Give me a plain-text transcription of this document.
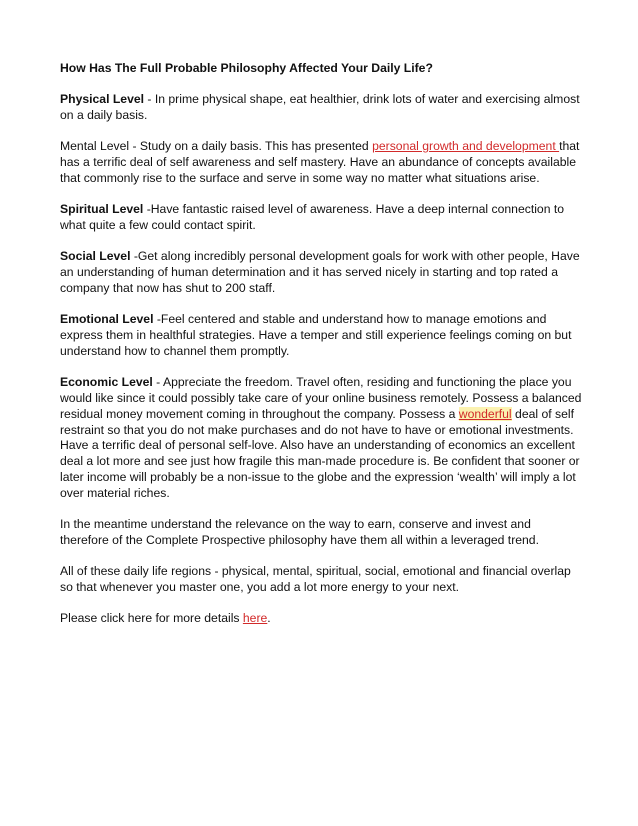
How Has The Full Probable Philosophy Affected Your Daily Life?

Physical Level - In prime physical shape, eat healthier, drink lots of water and exercising almost on a daily basis.

Mental Level - Study on a daily basis. This has presented personal growth and development that has a terrific deal of self awareness and self mastery. Have an abundance of concepts available that commonly rise to the surface and serve in some way no matter what situations arise.

Spiritual Level -Have fantastic raised level of awareness. Have a deep internal connection to what quite a few could contact spirit.

Social Level -Get along incredibly personal development goals for work with other people, Have an understanding of human determination and it has served nicely in starting and top rated a company that now has shut to 200 staff.

Emotional Level -Feel centered and stable and understand how to manage emotions and express them in healthful strategies. Have a temper and still experience feelings coming on but understand how to channel them promptly.

Economic Level - Appreciate the freedom. Travel often, residing and functioning the place you would like since it could possibly take care of your online business remotely. Possess a balanced residual money movement coming in throughout the company. Possess a wonderful deal of self restraint so that you do not make purchases and do not have to have or emotional investments. Have a terrific deal of personal self-love. Also have an understanding of economics an excellent deal a lot more and see just how fragile this man-made procedure is. Be confident that sooner or later income will probably be a non-issue to the globe and the expression ‘wealth’ will imply a lot over material riches.

In the meantime understand the relevance on the way to earn, conserve and invest and therefore of the Complete Prospective philosophy have them all within a leveraged trend.

All of these daily life regions - physical, mental, spiritual, social, emotional and financial overlap so that whenever you master one, you add a lot more energy to your next.

Please click here for more details here.
